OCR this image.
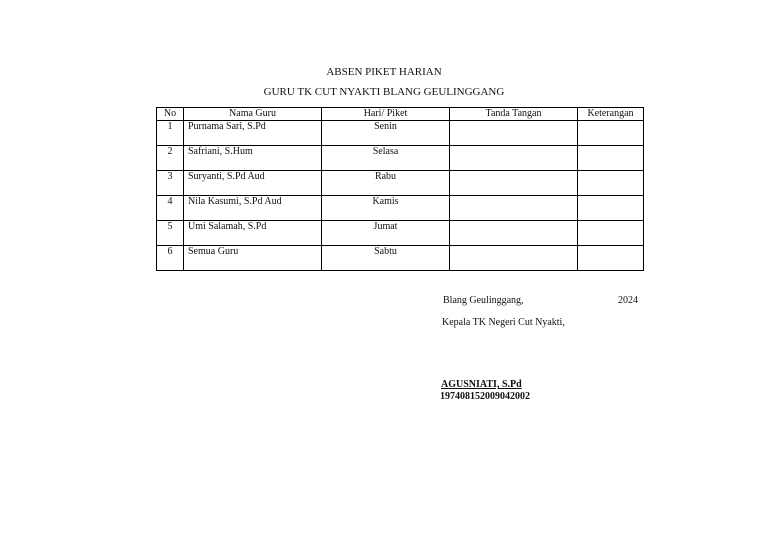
ABSEN PIKET HARIAN
GURU TK CUT NYAKTI BLANG GEULINGGANG
No	Nama Guru	Hari/ Piket	Tanda Tangan	Keterangan
1	Purnama Sari, S.Pd	Senin		
2	Safriani, S.Hum	Selasa		
3	Suryanti, S.Pd Aud	Rabu		
4	Nila Kasumi, S.Pd Aud	Kamis		
5	Umi Salamah, S.Pd	Jumat		
6	Semua Guru	Sabtu		
Blang Geulinggang,	2024
Kepala TK Negeri Cut Nyakti,
AGUSNIATI, S.Pd
197408152009042002
